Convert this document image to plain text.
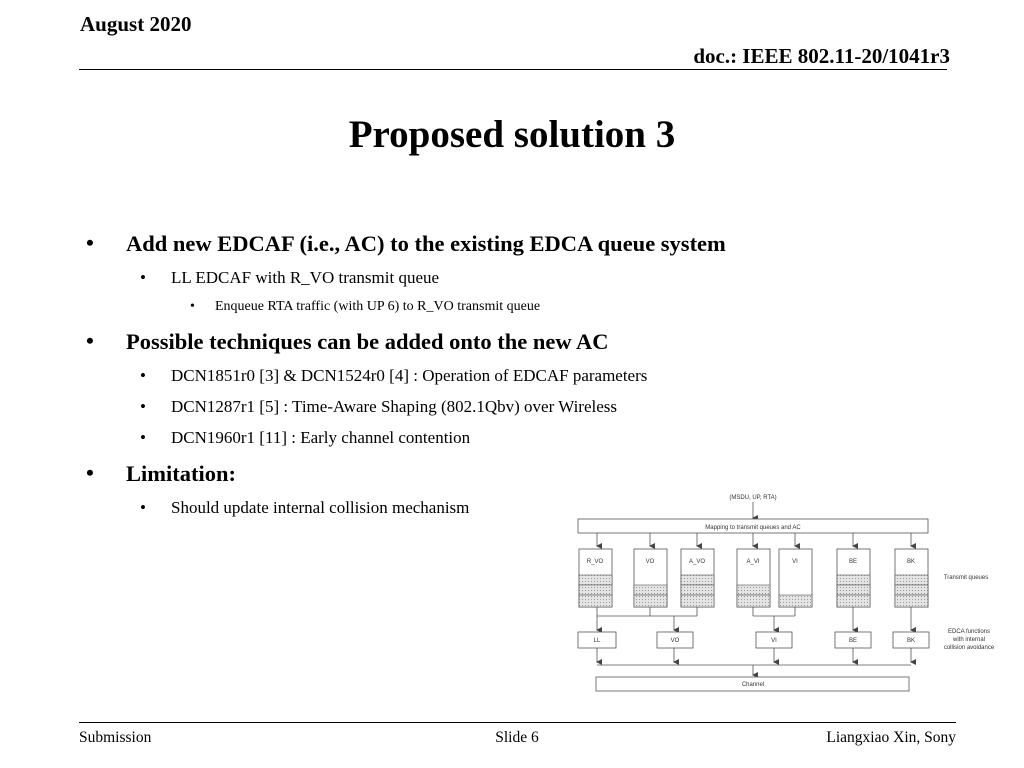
August 2020
doc.: IEEE 802.11-20/1041r3
Proposed solution 3
• Add new EDCAF (i.e., AC) to the existing EDCA queue system
• LL EDCAF with R_VO transmit queue
• Enqueue RTA traffic (with UP 6) to R_VO transmit queue
• Possible techniques can be added onto the new AC
• DCN1851r0 [3] & DCN1524r0 [4] : Operation of EDCAF parameters
• DCN1287r1 [5] : Time-Aware Shaping (802.1Qbv) over Wireless
• DCN1960r1 [11] : Early channel contention
• Limitation:
• Should update internal collision mechanism	(MSDU, UP, RTA)
Mapping to transmit queues and AC
R_VO	VO	A_VO	A_VI	VI	BE	BK
Transmit queues
LL	VO	VI	BE	BK
EDCA functions
with internal
collision avoidance
Channel
Submission	Slide 6	Liangxiao Xin, Sony
